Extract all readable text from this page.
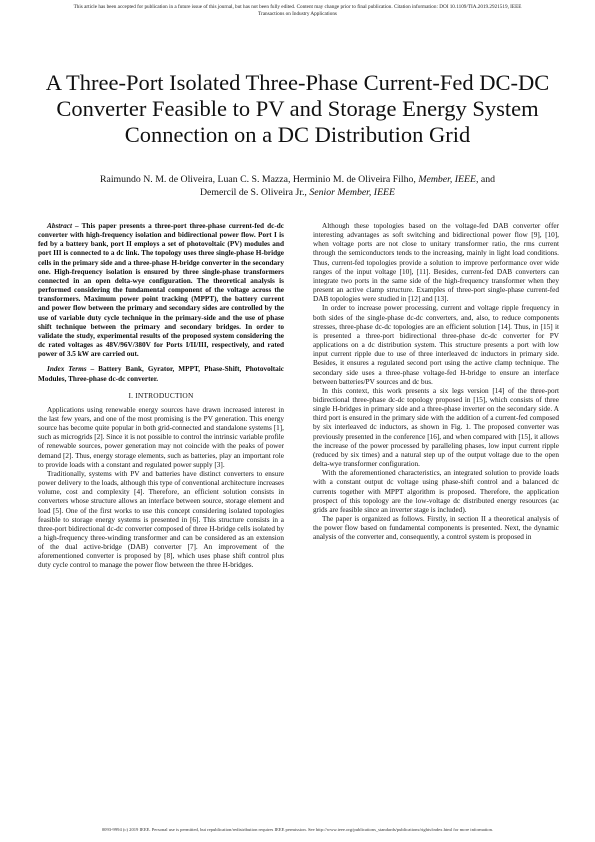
This article has been accepted for publication in a future issue of this journal, but has not been fully edited. Content may change prior to final publication. Citation information: DOI 10.1109/TIA.2019.2921519, IEEE
Transactions on Industry Applications
A Three-Port Isolated Three-Phase Current-Fed DC-DC Converter Feasible to PV and Storage Energy System Connection on a DC Distribution Grid
Raimundo N. M. de Oliveira, Luan C. S. Mazza, Herminio M. de Oliveira Filho, Member, IEEE, and
Demercil de S. Oliveira Jr., Senior Member, IEEE

Abstract – This paper presents a three-port three-phase current-fed dc-dc converter with high-frequency isolation and bidirectional power flow. Port I is fed by a battery bank, port II employs a set of photovoltaic (PV) modules and port III is connected to a dc link. The topology uses three single-phase H-bridge cells in the primary side and a three-phase H-bridge converter in the secondary one. High-frequency isolation is ensured by three single-phase transformers connected in an open delta-wye configuration. The theoretical analysis is performed considering the fundamental component of the voltage across the transformers. Maximum power point tracking (MPPT), the battery current and power flow between the primary and secondary sides are controlled by the use of variable duty cycle technique in the primary-side and the use of phase shift technique between the primary and secondary bridges. In order to validate the study, experimental results of the proposed system considering the dc rated voltages as 48V/96V/380V for Ports I/II/III, respectively, and rated power of 3.5 kW are carried out.

Index Terms – Battery Bank, Gyrator, MPPT, Phase-Shift, Photovoltaic Modules, Three-phase dc-dc converter.

I. INTRODUCTION

Applications using renewable energy sources have drawn increased interest in the last few years, and one of the most promising is the PV generation. This energy source has become quite popular in both grid-connected and standalone systems [1], such as microgrids [2]. Since it is not possible to control the intrinsic variable profile of renewable sources, power generation may not coincide with the peaks of power demand [2]. Thus, energy storage elements, such as batteries, play an important role to provide loads with a constant and regulated power supply [3].

Traditionally, systems with PV and batteries have distinct converters to ensure power delivery to the loads, although this type of conventional architecture increases volume, cost and complexity [4]. Therefore, an efficient solution consists in converters whose structure allows an interface between source, storage element and load [5]. One of the first works to use this concept considering isolated topologies feasible to storage energy systems is presented in [6]. This structure consists in a three-port bidirectional dc-dc converter composed of three H-bridge cells isolated by a high-frequency three-winding transformer and can be considered as an extension of the dual active-bridge (DAB) converter [7]. An improvement of the aforementioned converter is proposed by [8], which uses phase shift control plus duty cycle control to manage the power flow between the three H-bridges.

Although these topologies based on the voltage-fed DAB converter offer interesting advantages as soft switching and bidirectional power flow [9], [10], when voltage ports are not close to unitary transformer ratio, the rms current through the semiconductors tends to the increasing, mainly in light load conditions. Thus, current-fed topologies provide a solution to improve performance over wide ranges of the input voltage [10], [11]. Besides, current-fed DAB converters can integrate two ports in the same side of the high-frequency transformer when they present an active clamp structure. Examples of three-port single-phase current-fed DAB topologies were studied in [12] and [13].

In order to increase power processing, current and voltage ripple frequency in both sides of the single-phase dc-dc converters, and, also, to reduce components stresses, three-phase dc-dc topologies are an efficient solution [14]. Thus, in [15] it is presented a three-port bidirectional three-phase dc-dc converter for PV applications on a dc distribution system. This structure presents a port with low input current ripple due to use of three interleaved dc inductors in primary side. Besides, it ensures a regulated second port using the active clamp technique. The secondary side uses a three-phase voltage-fed H-bridge to ensure an interface between batteries/PV sources and dc bus.

In this context, this work presents a six legs version [14] of the three-port bidirectional three-phase dc-dc topology proposed in [15], which consists of three single H-bridges in primary side and a three-phase inverter on the secondary side. A third port is ensured in the primary side with the addition of a current-fed composed by six interleaved dc inductors, as shown in Fig. 1. The proposed converter was previously presented in the conference [16], and when compared with [15], it allows the increase of the power processed by paralleling phases, low input current ripple (reduced by six times) and a natural step up of the output voltage due to the open delta-wye transformer configuration.

With the aforementioned characteristics, an integrated solution to provide loads with a constant output dc voltage using phase-shift control and a balanced dc currents together with MPPT algorithm is proposed. Therefore, the application prospect of this topology are the low-voltage dc distributed energy resources (ac grids are feasible since an inverter stage is included).

The paper is organized as follows. Firstly, in section II a theoretical analysis of the power flow based on fundamental components is presented. Next, the dynamic analysis of the converter and, consequently, a control system is proposed in

0093-9994 (c) 2019 IEEE. Personal use is permitted, but republication/redistribution requires IEEE permission. See http://www.ieee.org/publications_standards/publications/rights/index.html for more information.
